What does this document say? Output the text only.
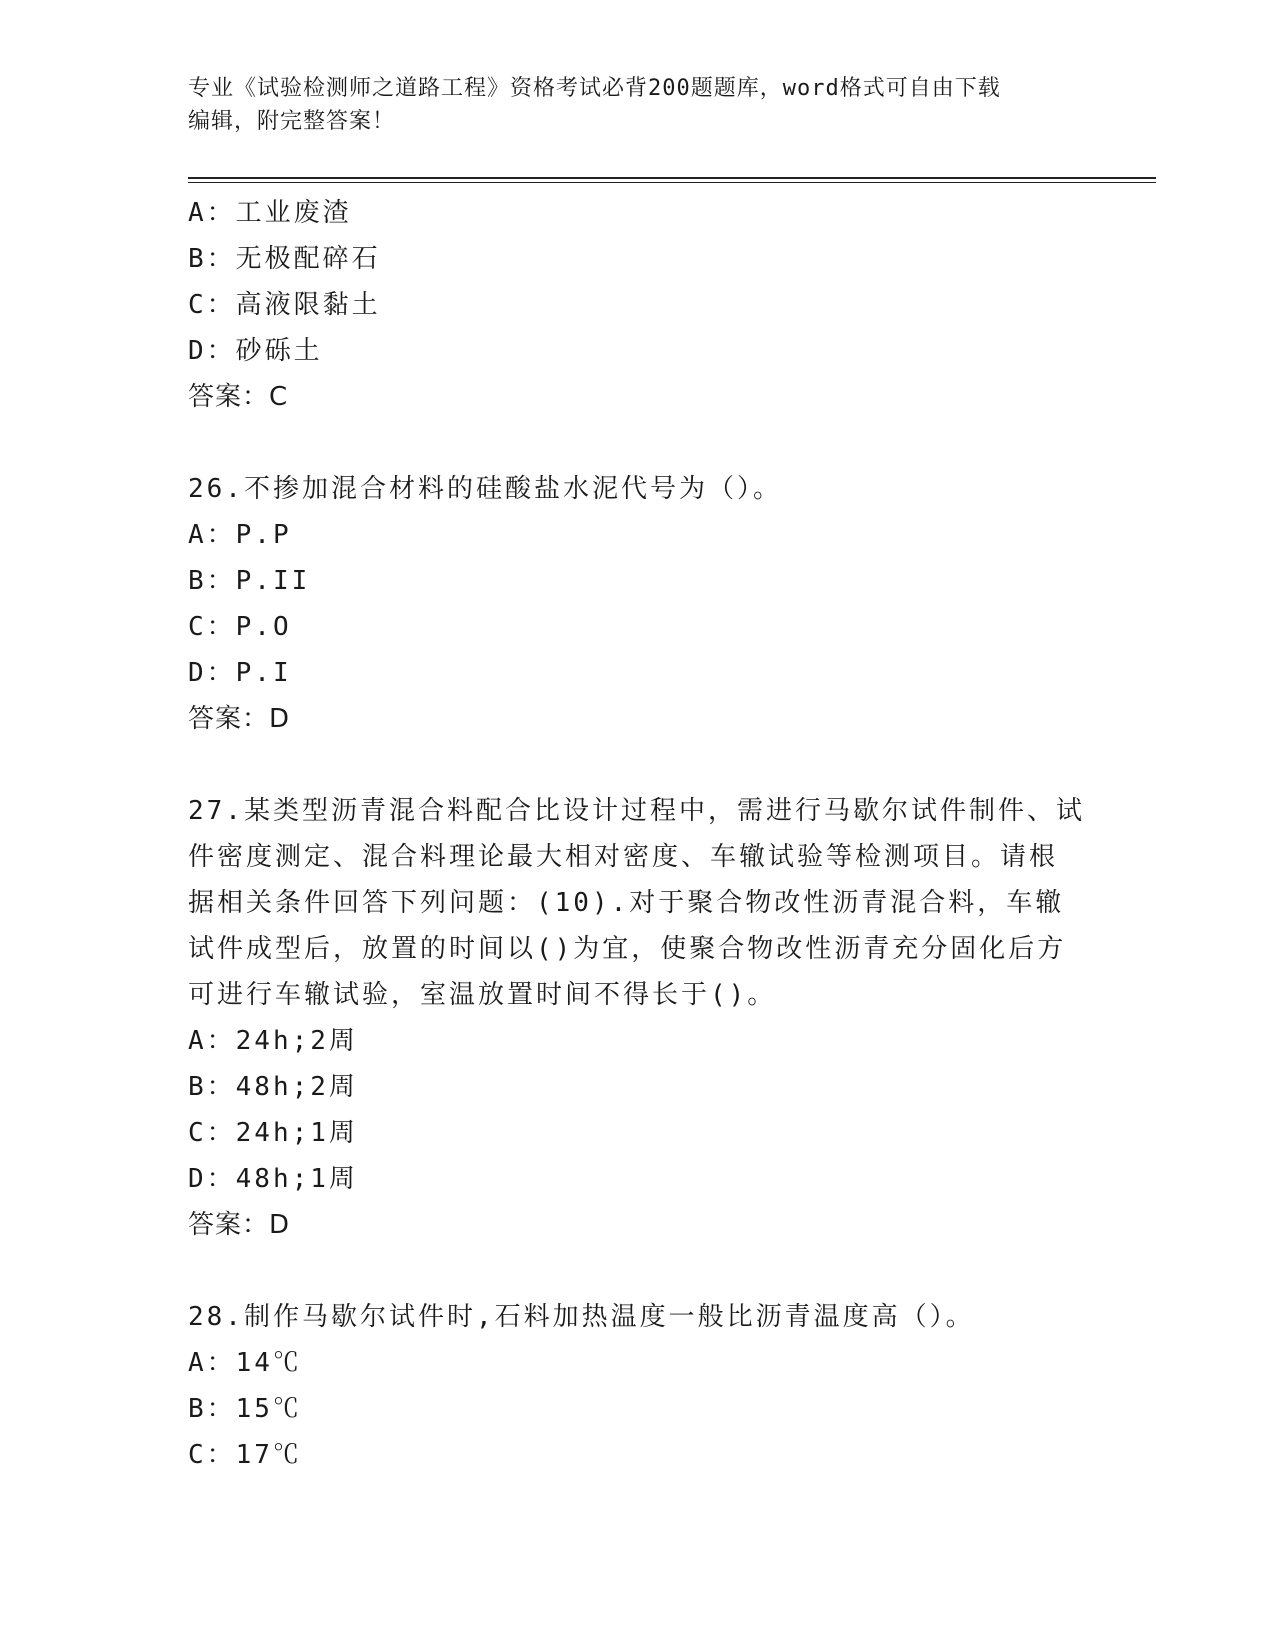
专业《试验检测师之道路工程》资格考试必背200题题库，word格式可自由下载
编辑，附完整答案！
A：工业废渣
B：无极配碎石
C：高液限黏土
D：砂砾土
答案：C
26.不掺加混合材料的硅酸盐水泥代号为（）。
A：P.P
B：P.II
C：P.O
D：P.I
答案：D
27.某类型沥青混合料配合比设计过程中，需进行马歇尔试件制件、试
件密度测定、混合料理论最大相对密度、车辙试验等检测项目。请根
据相关条件回答下列问题：(10).对于聚合物改性沥青混合料，车辙
试件成型后，放置的时间以()为宜，使聚合物改性沥青充分固化后方
可进行车辙试验，室温放置时间不得长于()。
A：24h;2周
B：48h;2周
C：24h;1周
D：48h;1周
答案：D
28.制作马歇尔试件时,石料加热温度一般比沥青温度高（）。
A：14℃
B：15℃
C：17℃
